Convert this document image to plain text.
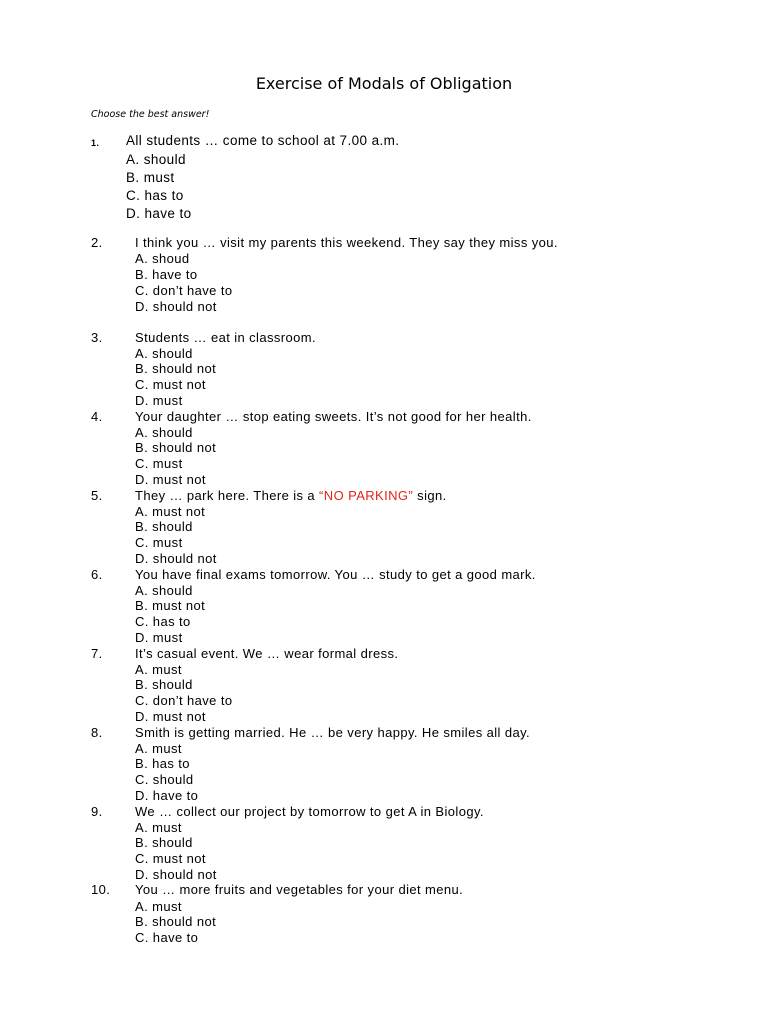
Exercise of Modals of Obligation
Choose the best answer!
1. All students … come to school at 7.00 a.m.
A. should
B. must
C. has to
D. have to
2. I think you … visit my parents this weekend. They say they miss you.
A. shoud
B. have to
C. don’t have to
D. should not
3. Students … eat in classroom.
A. should
B. should not
C. must not
D. must
4. Your daughter … stop eating sweets. It’s not good for her health.
A. should
B. should not
C. must
D. must not
5. They … park here. There is a “NO PARKING” sign.
A. must not
B. should
C. must
D. should not
6. You have final exams tomorrow. You … study to get a good mark.
A. should
B. must not
C. has to
D. must
7. It’s casual event. We … wear formal dress.
A. must
B. should
C. don’t have to
D. must not
8. Smith is getting married. He … be very happy. He smiles all day.
A. must
B. has to
C. should
D. have to
9. We … collect our project by tomorrow to get A in Biology.
A. must
B. should
C. must not
D. should not
10. You … more fruits and vegetables for your diet menu.
A. must
B. should not
C. have to
